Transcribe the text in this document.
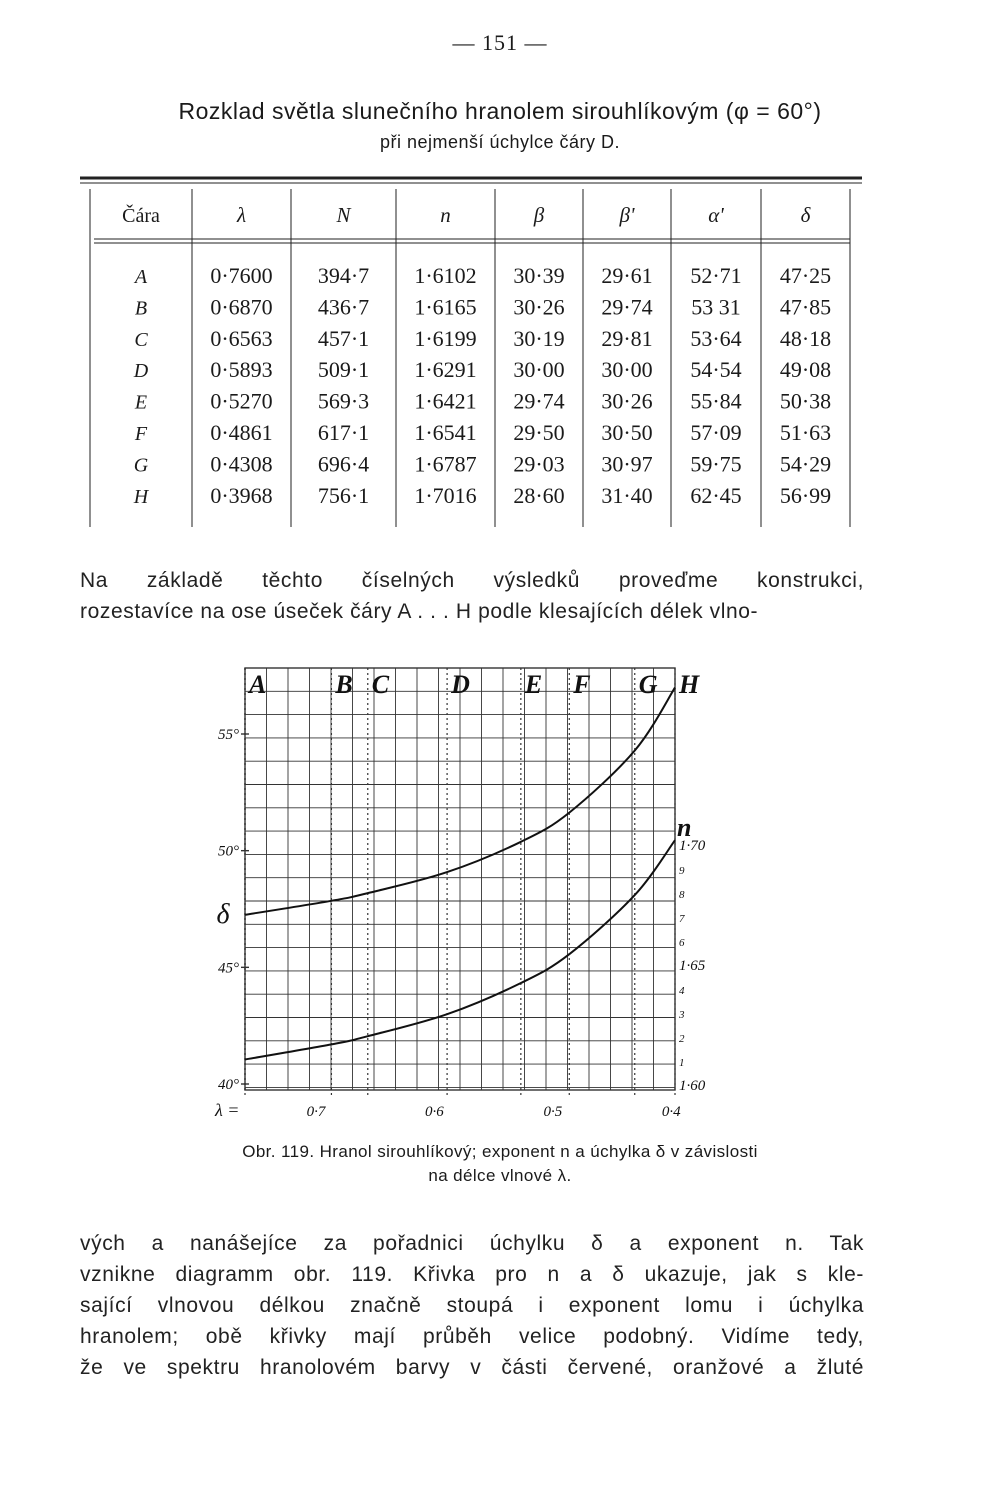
— 151 —
Rozklad světla slunečního hranolem sirouhlíkovým (φ = 60°)
při nejmenší úchylce čáry D.
Čára	λ	N	n	β	β'	α'	δ
A	0·7600 394·7 1·6102 30·39 29·61 52·71 47·25
B	0·6870 436·7 1·6165 30·26 29·74 53 31 47·85
C	0·6563 457·1 1·6199 30·19 29·81 53·64 48·18
D	0·5893 509·1 1·6291 30·00 30·00 54·54 49·08
E	0·5270 569·3 1·6421 29·74 30·26 55·84 50·38
F	0·4861 617·1 1·6541 29·50 30·50 57·09 51·63
G	0·4308 696·4 1·6787 29·03 30·97 59·75 54·29
H	0·3968 756·1 1·7016 28·60 31·40 62·45 56·99
Na základě těchto číselných výsledků proveďme konstrukci,
rozestavíce na ose úseček čáry A . . . H podle klesajících délek vlno-
A	B C D E F G H
55°
50°
45°
40°
δ
n
1·70
9
8
7
6
1·65
4
3
2
1
1·60
λ =	0·7	0·6	0·5	0·4
Obr. 119. Hranol sirouhlíkový; exponent n a úchylka δ v závislosti
na délce vlnové λ.
vých a nanášejíce za pořadnici úchylku δ a exponent n. Tak
vznikne diagramm obr. 119. Křivka pro n a δ ukazuje, jak s kle-
sající vlnovou délkou značně stoupá i exponent lomu i úchylka
hranolem; obě křivky mají průběh velice podobný. Vidíme tedy,
že ve spektru hranolovém barvy v části červené, oranžové a žluté
